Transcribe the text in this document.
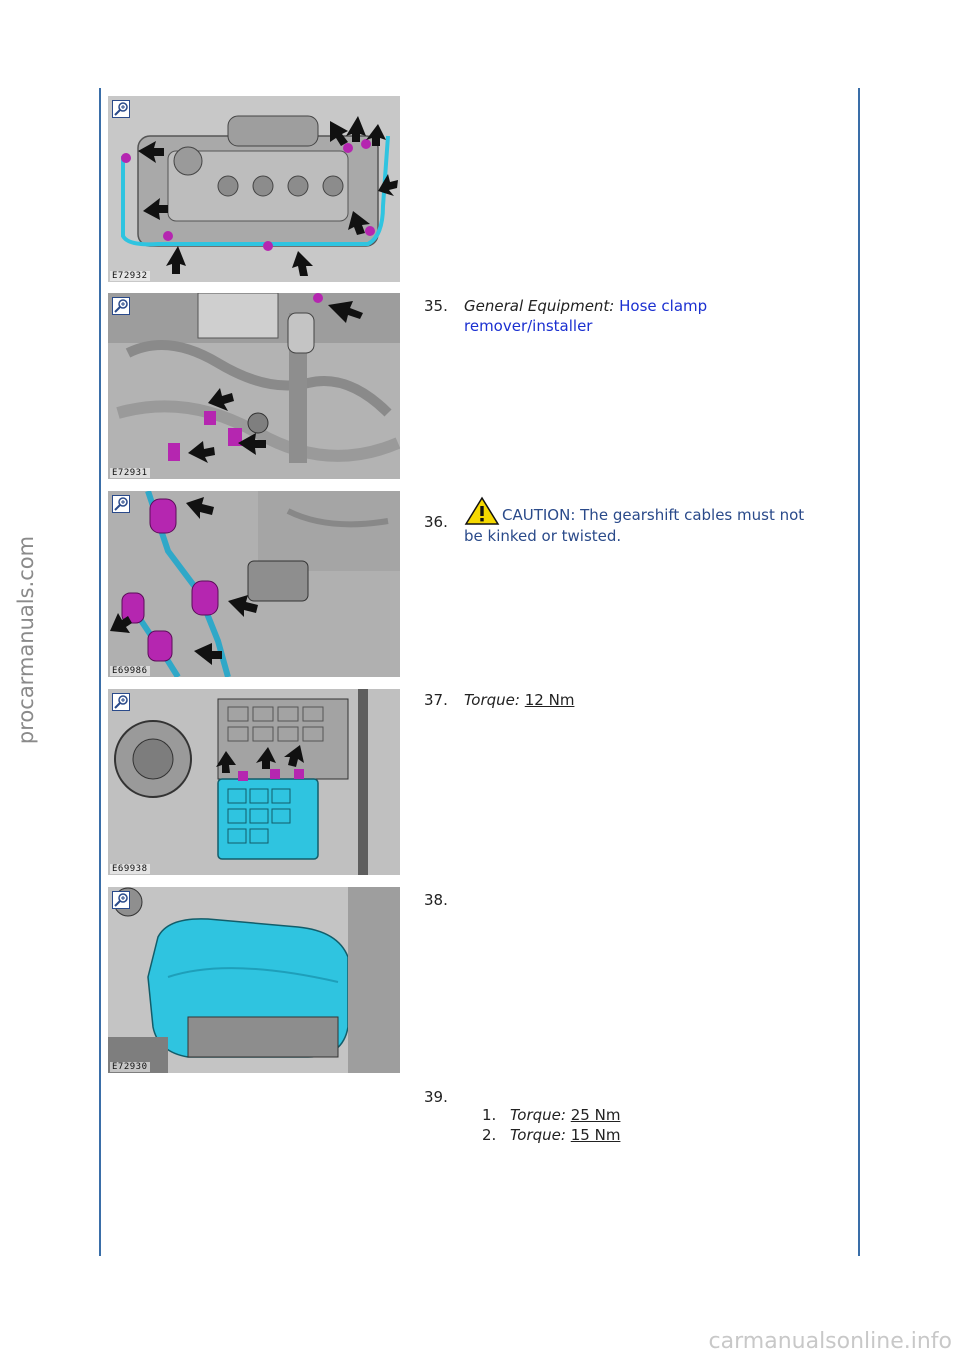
procarmanuals.com
E72932
E72931
E69986
E69938
E72930
35. General Equipment: Hose clamp
remover/installer
36.	CAUTION: The gearshift cables must not
be kinked or twisted.
37. Torque: 12 Nm
38.
39.
1. Torque: 25 Nm
2. Torque: 15 Nm
carmanualsonline.info
